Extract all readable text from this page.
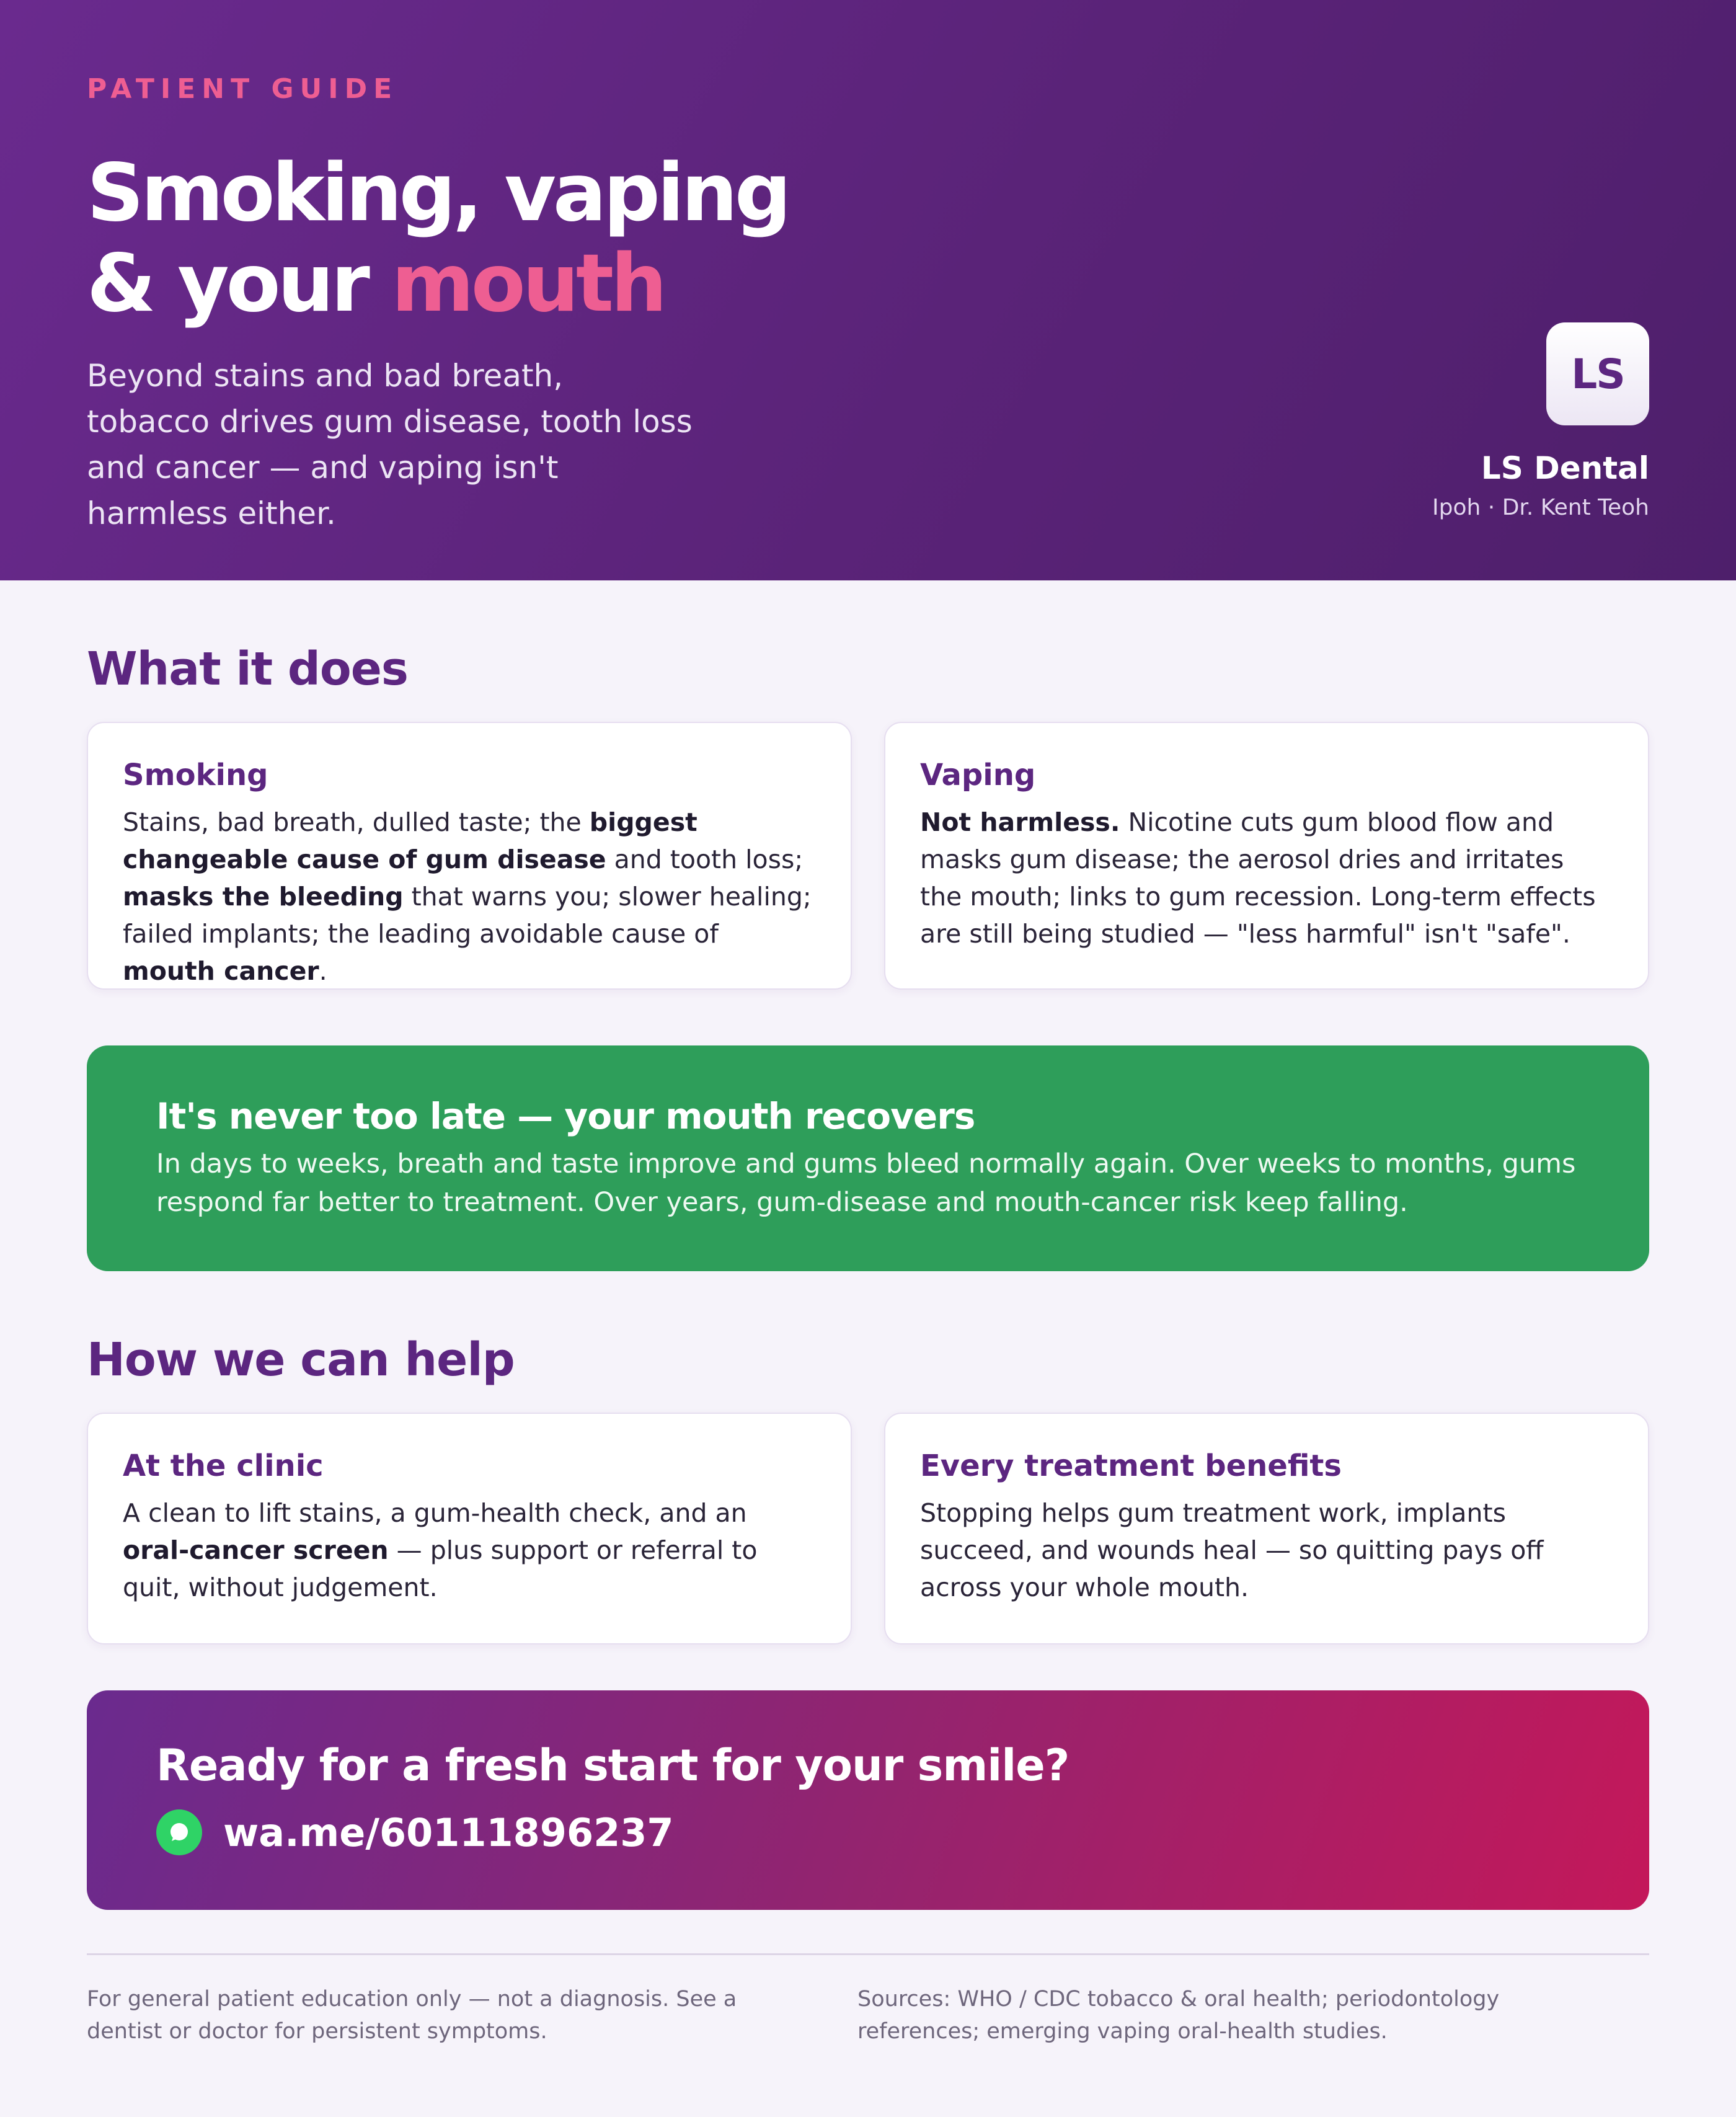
PATIENT GUIDE

Smoking, vaping
& your mouth

Beyond stains and bad breath, tobacco drives gum disease, tooth loss and cancer — and vaping isn't harmless either.

LS
LS Dental
Ipoh · Dr. Kent Teoh
What it does
Smoking

Stains, bad breath, dulled taste; the biggest changeable cause of gum disease and tooth loss; masks the bleeding that warns you; slower healing; failed implants; the leading avoidable cause of mouth cancer.

Vaping

Not harmless. Nicotine cuts gum blood flow and masks gum disease; the aerosol dries and irritates the mouth; links to gum recession. Long-term effects are still being studied — "less harmful" isn't "safe".

It's never too late — your mouth recovers

In days to weeks, breath and taste improve and gums bleed normally again. Over weeks to months, gums respond far better to treatment. Over years, gum-disease and mouth-cancer risk keep falling.

How we can help
At the clinic

A clean to lift stains, a gum-health check, and an oral-cancer screen — plus support or referral to quit, without judgement.

Every treatment benefits

Stopping helps gum treatment work, implants succeed, and wounds heal — so quitting pays off across your whole mouth.

Ready for a fresh start for your smile?
wa.me/60111896237

For general patient education only — not a diagnosis. See a dentist or doctor for persistent symptoms.

Sources: WHO / CDC tobacco & oral health; periodontology references; emerging vaping oral-health studies.
